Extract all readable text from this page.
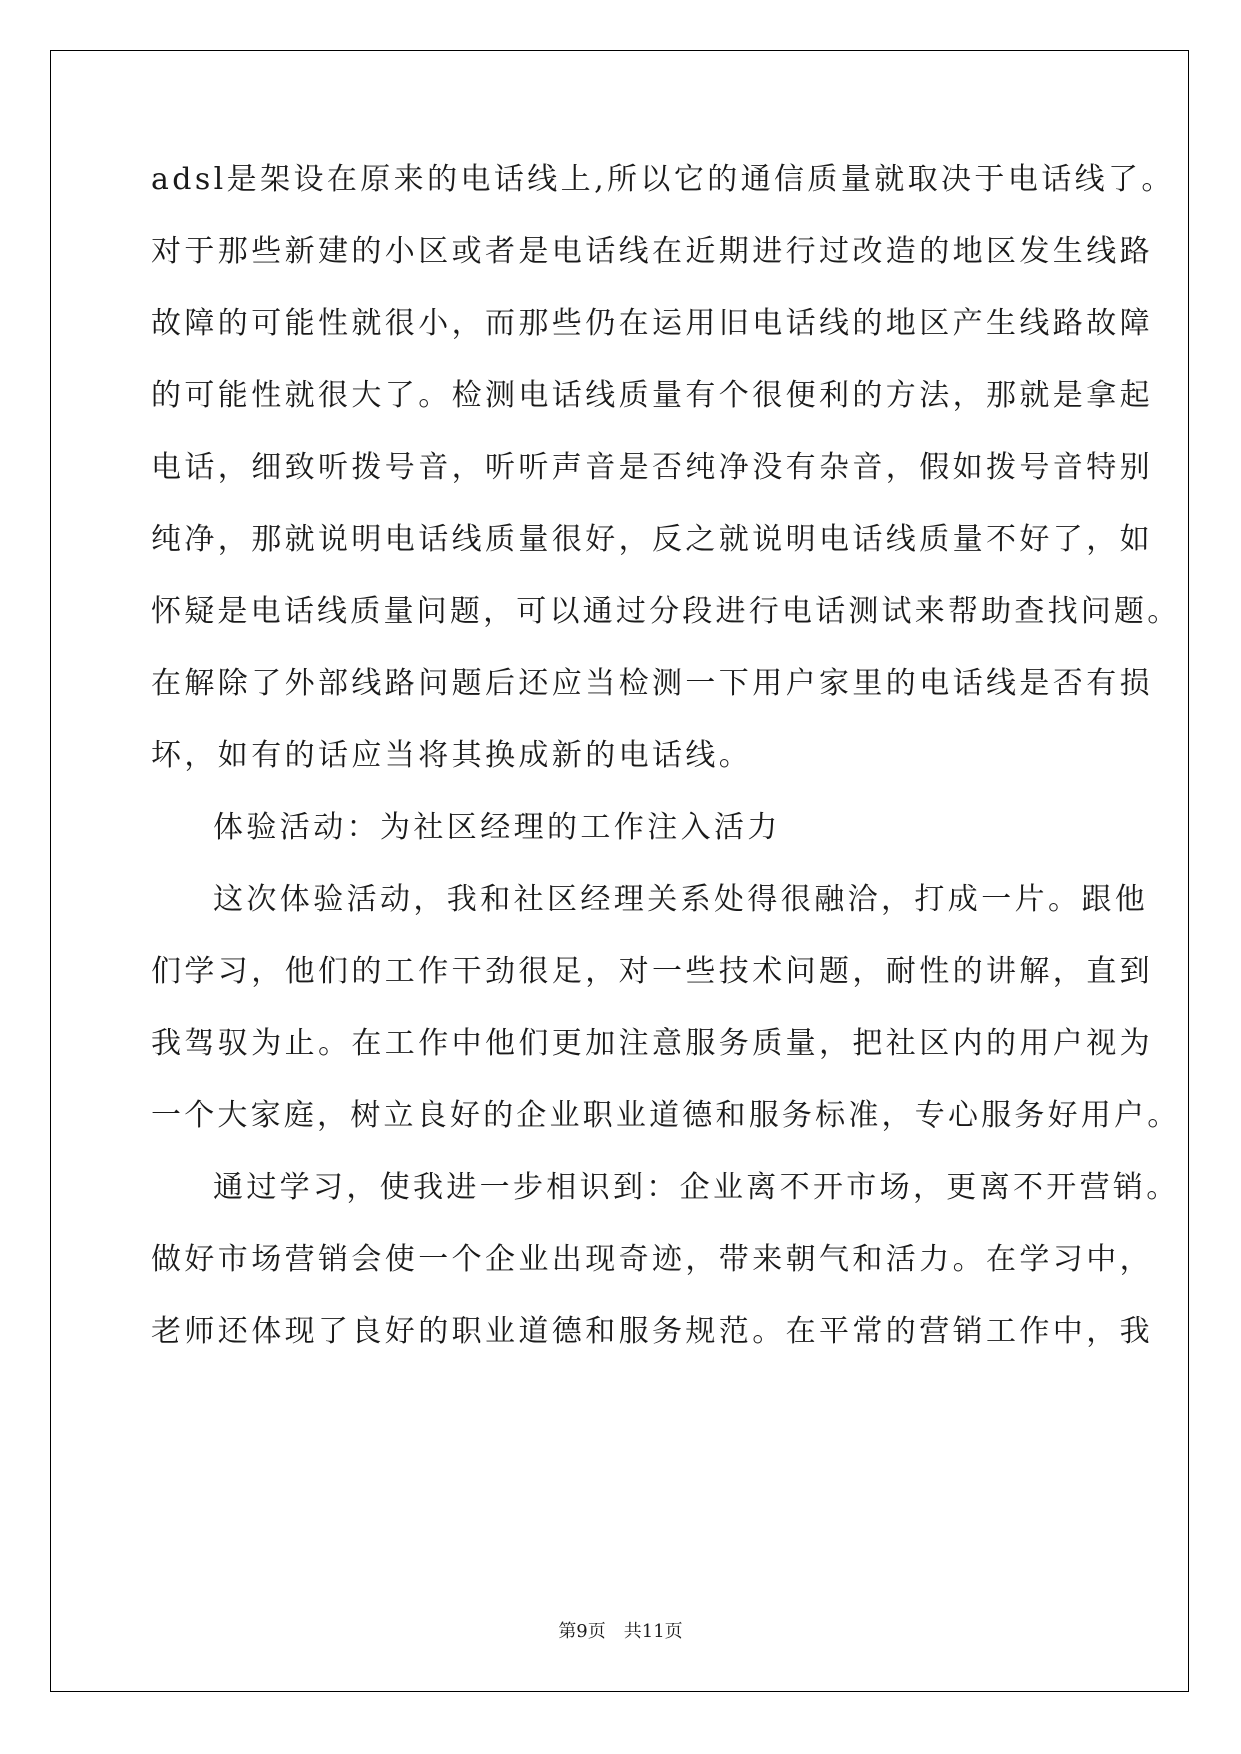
adsl是架设在原来的电话线上,所以它的通信质量就取决于电话线了。
对于那些新建的小区或者是电话线在近期进行过改造的地区发生线路
故障的可能性就很小，而那些仍在运用旧电话线的地区产生线路故障
的可能性就很大了。检测电话线质量有个很便利的方法，那就是拿起
电话，细致听拨号音，听听声音是否纯净没有杂音，假如拨号音特别
纯净，那就说明电话线质量很好，反之就说明电话线质量不好了，如
怀疑是电话线质量问题，可以通过分段进行电话测试来帮助查找问题。
在解除了外部线路问题后还应当检测一下用户家里的电话线是否有损
坏，如有的话应当将其换成新的电话线。
体验活动：为社区经理的工作注入活力
这次体验活动，我和社区经理关系处得很融洽，打成一片。跟他
们学习，他们的工作干劲很足，对一些技术问题，耐性的讲解，直到
我驾驭为止。在工作中他们更加注意服务质量，把社区内的用户视为
一个大家庭，树立良好的企业职业道德和服务标准，专心服务好用户。
通过学习，使我进一步相识到：企业离不开市场，更离不开营销。
做好市场营销会使一个企业出现奇迹，带来朝气和活力。在学习中，
老师还体现了良好的职业道德和服务规范。在平常的营销工作中，我
第9页　共11页
